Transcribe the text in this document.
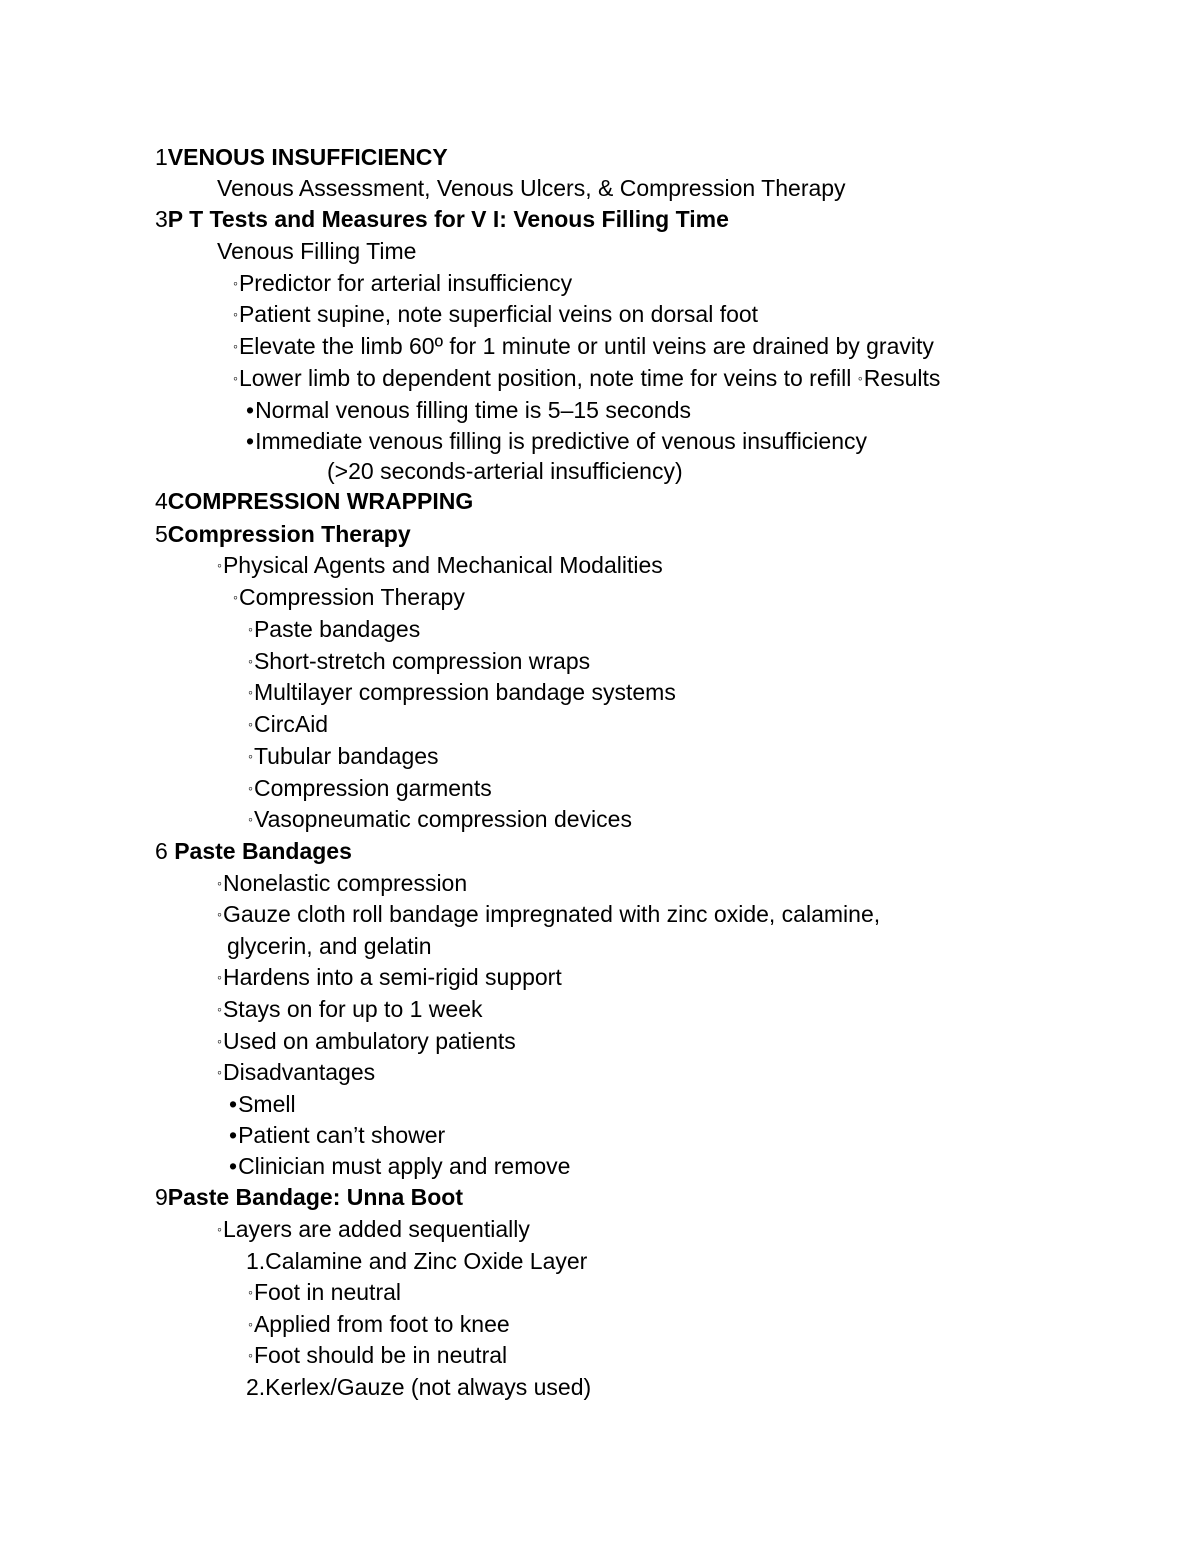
1VENOUS INSUFFICIENCY
Venous Assessment, Venous Ulcers, & Compression Therapy
3P T Tests and Measures for V I: Venous Filling Time
Venous Filling Time
◦Predictor for arterial insufficiency
◦Patient supine, note superficial veins on dorsal foot
◦Elevate the limb 60º for 1 minute or until veins are drained by gravity
◦Lower limb to dependent position, note time for veins to refill ◦Results
•Normal venous filling time is 5–15 seconds
•Immediate venous filling is predictive of venous insufficiency
(>20 seconds-arterial insufficiency)
4COMPRESSION WRAPPING
5Compression Therapy
◦Physical Agents and Mechanical Modalities
◦Compression Therapy
◦Paste bandages
◦Short-stretch compression wraps
◦Multilayer compression bandage systems
◦CircAid
◦Tubular bandages
◦Compression garments
◦Vasopneumatic compression devices
6 Paste Bandages
◦Nonelastic compression
◦Gauze cloth roll bandage impregnated with zinc oxide, calamine,
glycerin, and gelatin
◦Hardens into a semi-rigid support
◦Stays on for up to 1 week
◦Used on ambulatory patients
◦Disadvantages
•Smell
•Patient can’t shower
•Clinician must apply and remove
9Paste Bandage: Unna Boot
◦Layers are added sequentially
1.Calamine and Zinc Oxide Layer
◦Foot in neutral
◦Applied from foot to knee
◦Foot should be in neutral
2.Kerlex/Gauze (not always used)
